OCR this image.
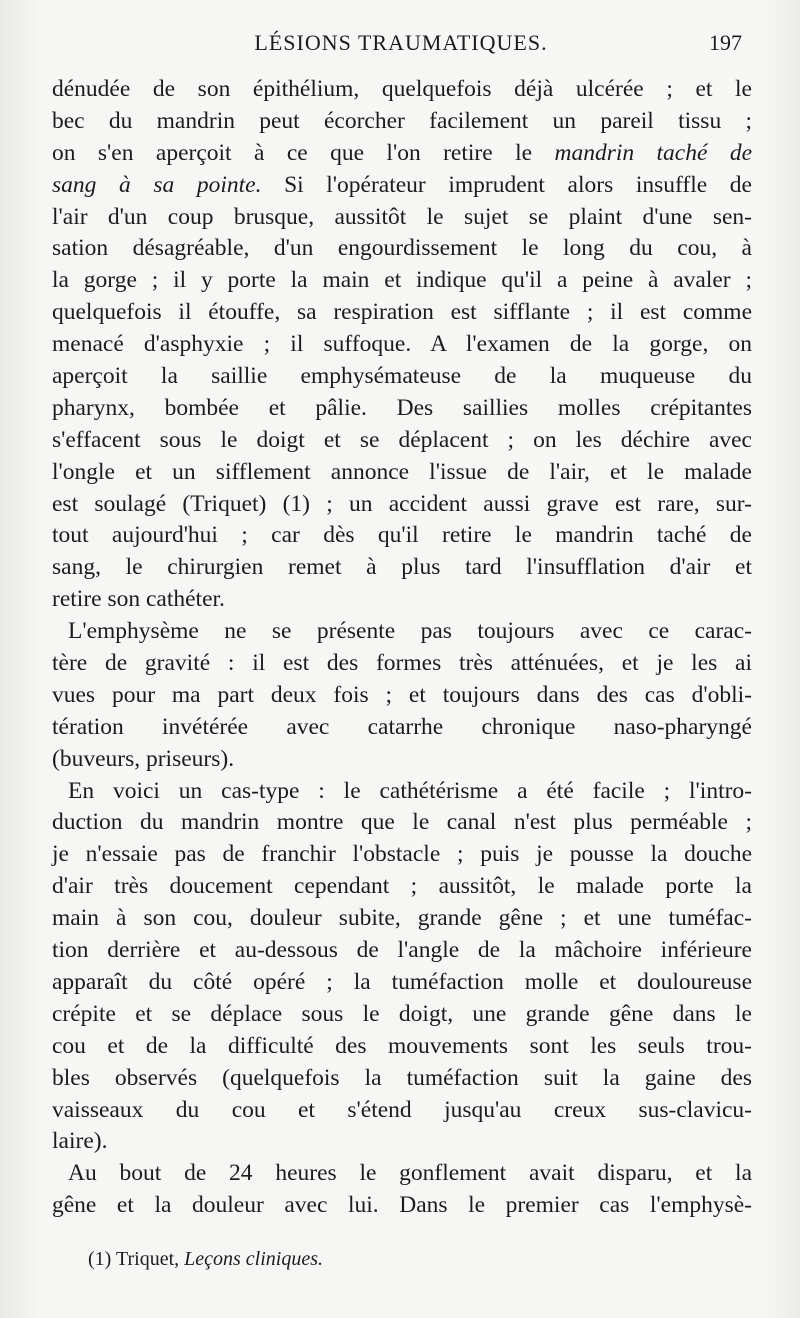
LÉSIONS TRAUMATIQUES.	197
dénudée de son épithélium, quelquefois déjà ulcérée ; et le
bec du mandrin peut écorcher facilement un pareil tissu ;
on s'en aperçoit à ce que l'on retire le mandrin taché de
sang à sa pointe. Si l'opérateur imprudent alors insuffle de
l'air d'un coup brusque, aussitôt le sujet se plaint d'une sen-
sation désagréable, d'un engourdissement le long du cou, à
la gorge ; il y porte la main et indique qu'il a peine à avaler ;
quelquefois il étouffe, sa respiration est sifflante ; il est comme
menacé d'asphyxie ; il suffoque. A l'examen de la gorge, on
aperçoit la saillie emphysémateuse de la muqueuse du
pharynx, bombée et pâlie. Des saillies molles crépitantes
s'effacent sous le doigt et se déplacent ; on les déchire avec
l'ongle et un sifflement annonce l'issue de l'air, et le malade
est soulagé (Triquet) (1) ; un accident aussi grave est rare, sur-
tout aujourd'hui ; car dès qu'il retire le mandrin taché de
sang, le chirurgien remet à plus tard l'insufflation d'air et
retire son cathéter.
L'emphysème ne se présente pas toujours avec ce carac-
tère de gravité : il est des formes très atténuées, et je les ai
vues pour ma part deux fois ; et toujours dans des cas d'obli-
tération invétérée avec catarrhe chronique naso-pharyngé
(buveurs, priseurs).
En voici un cas-type : le cathétérisme a été facile ; l'intro-
duction du mandrin montre que le canal n'est plus perméable ;
je n'essaie pas de franchir l'obstacle ; puis je pousse la douche
d'air très doucement cependant ; aussitôt, le malade porte la
main à son cou, douleur subite, grande gêne ; et une tuméfac-
tion derrière et au-dessous de l'angle de la mâchoire inférieure
apparaît du côté opéré ; la tuméfaction molle et douloureuse
crépite et se déplace sous le doigt, une grande gêne dans le
cou et de la difficulté des mouvements sont les seuls trou-
bles observés (quelquefois la tuméfaction suit la gaine des
vaisseaux du cou et s'étend jusqu'au creux sus-clavicu-
laire).
Au bout de 24 heures le gonflement avait disparu, et la
gêne et la douleur avec lui. Dans le premier cas l'emphysè-
(1) Triquet, Leçons cliniques.
